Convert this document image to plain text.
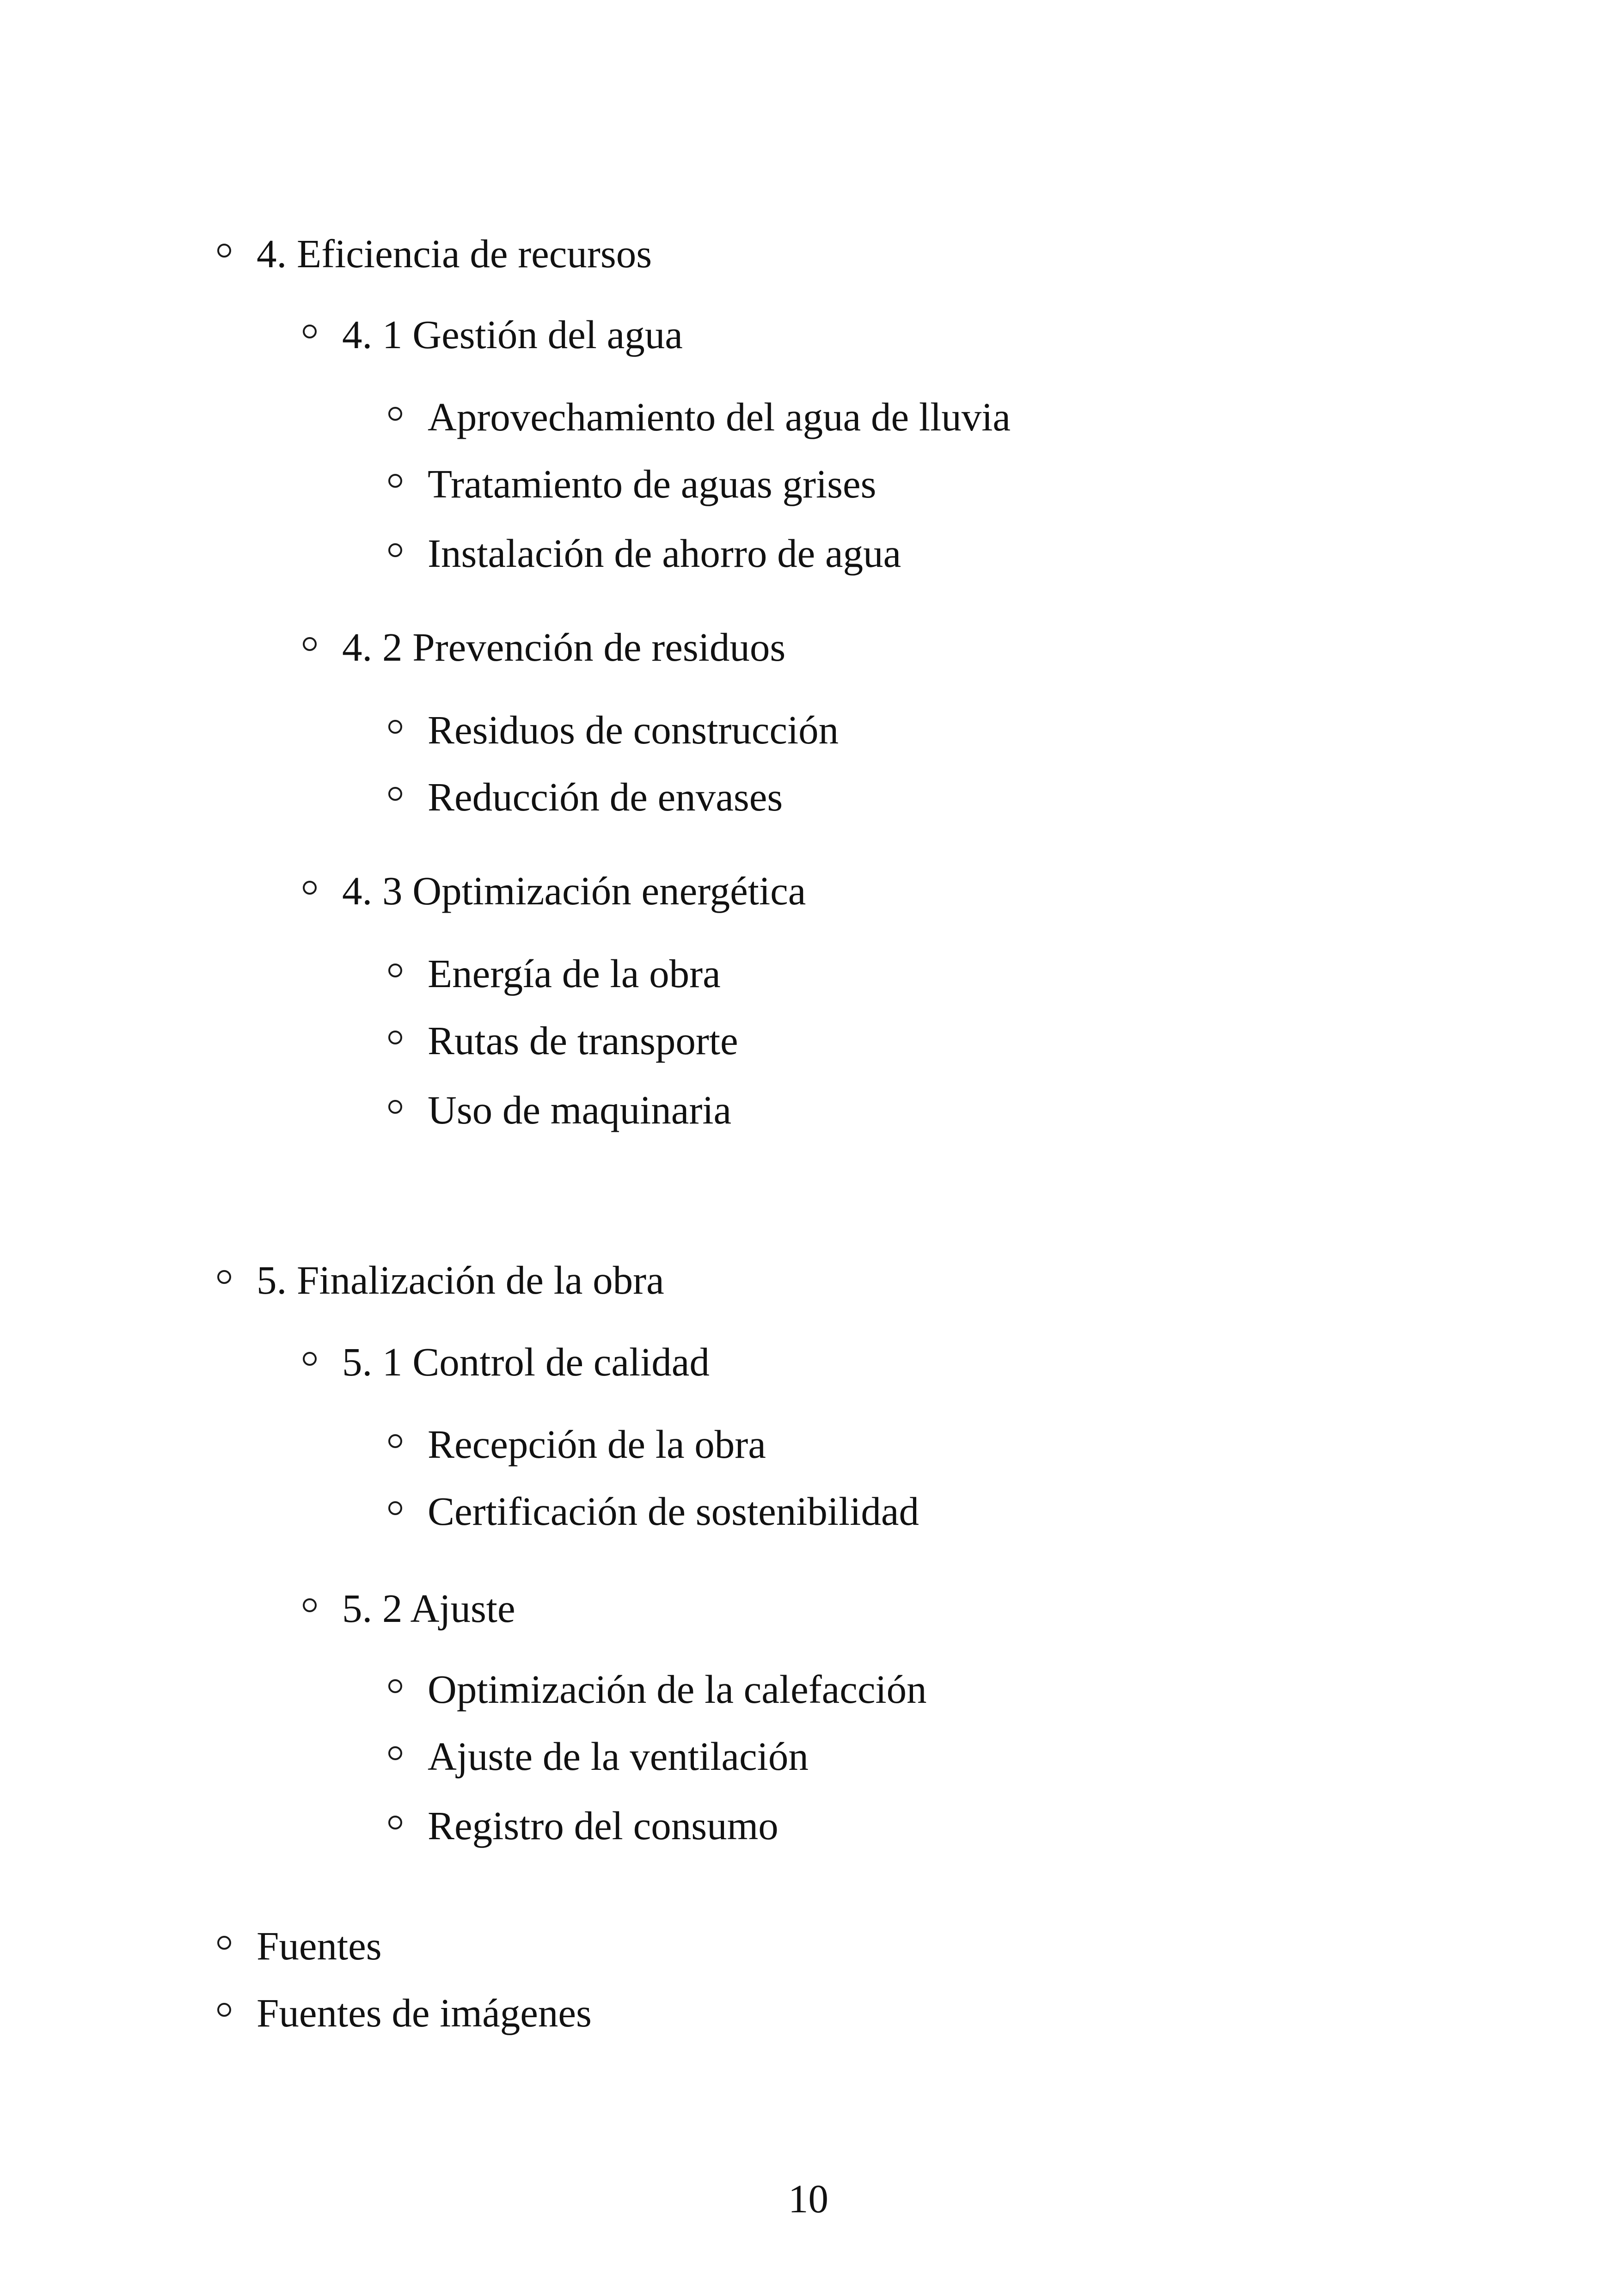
4. Eficiencia de recursos
4. 1 Gestión del agua
Aprovechamiento del agua de lluvia
Tratamiento de aguas grises
Instalación de ahorro de agua
4. 2 Prevención de residuos
Residuos de construcción
Reducción de envases
4. 3 Optimización energética
Energía de la obra
Rutas de transporte
Uso de maquinaria
5. Finalización de la obra
5. 1 Control de calidad
Recepción de la obra
Certificación de sostenibilidad
5. 2 Ajuste
Optimización de la calefacción
Ajuste de la ventilación
Registro del consumo
Fuentes
Fuentes de imágenes
10
